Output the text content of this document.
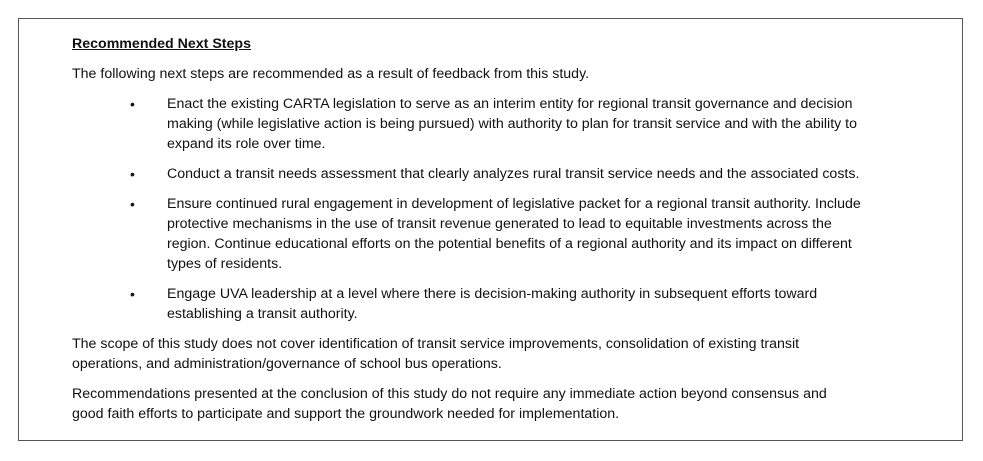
Recommended Next Steps
The following next steps are recommended as a result of feedback from this study.
• Enact the existing CARTA legislation to serve as an interim entity for regional transit governance and decision
making (while legislative action is being pursued) with authority to plan for transit service and with the ability to
expand its role over time.
• Conduct a transit needs assessment that clearly analyzes rural transit service needs and the associated costs.
• Ensure continued rural engagement in development of legislative packet for a regional transit authority. Include
protective mechanisms in the use of transit revenue generated to lead to equitable investments across the
region. Continue educational efforts on the potential benefits of a regional authority and its impact on different
types of residents.
• Engage UVA leadership at a level where there is decision-making authority in subsequent efforts toward
establishing a transit authority.
The scope of this study does not cover identification of transit service improvements, consolidation of existing transit
operations, and administration/governance of school bus operations.
Recommendations presented at the conclusion of this study do not require any immediate action beyond consensus and
good faith efforts to participate and support the groundwork needed for implementation.
